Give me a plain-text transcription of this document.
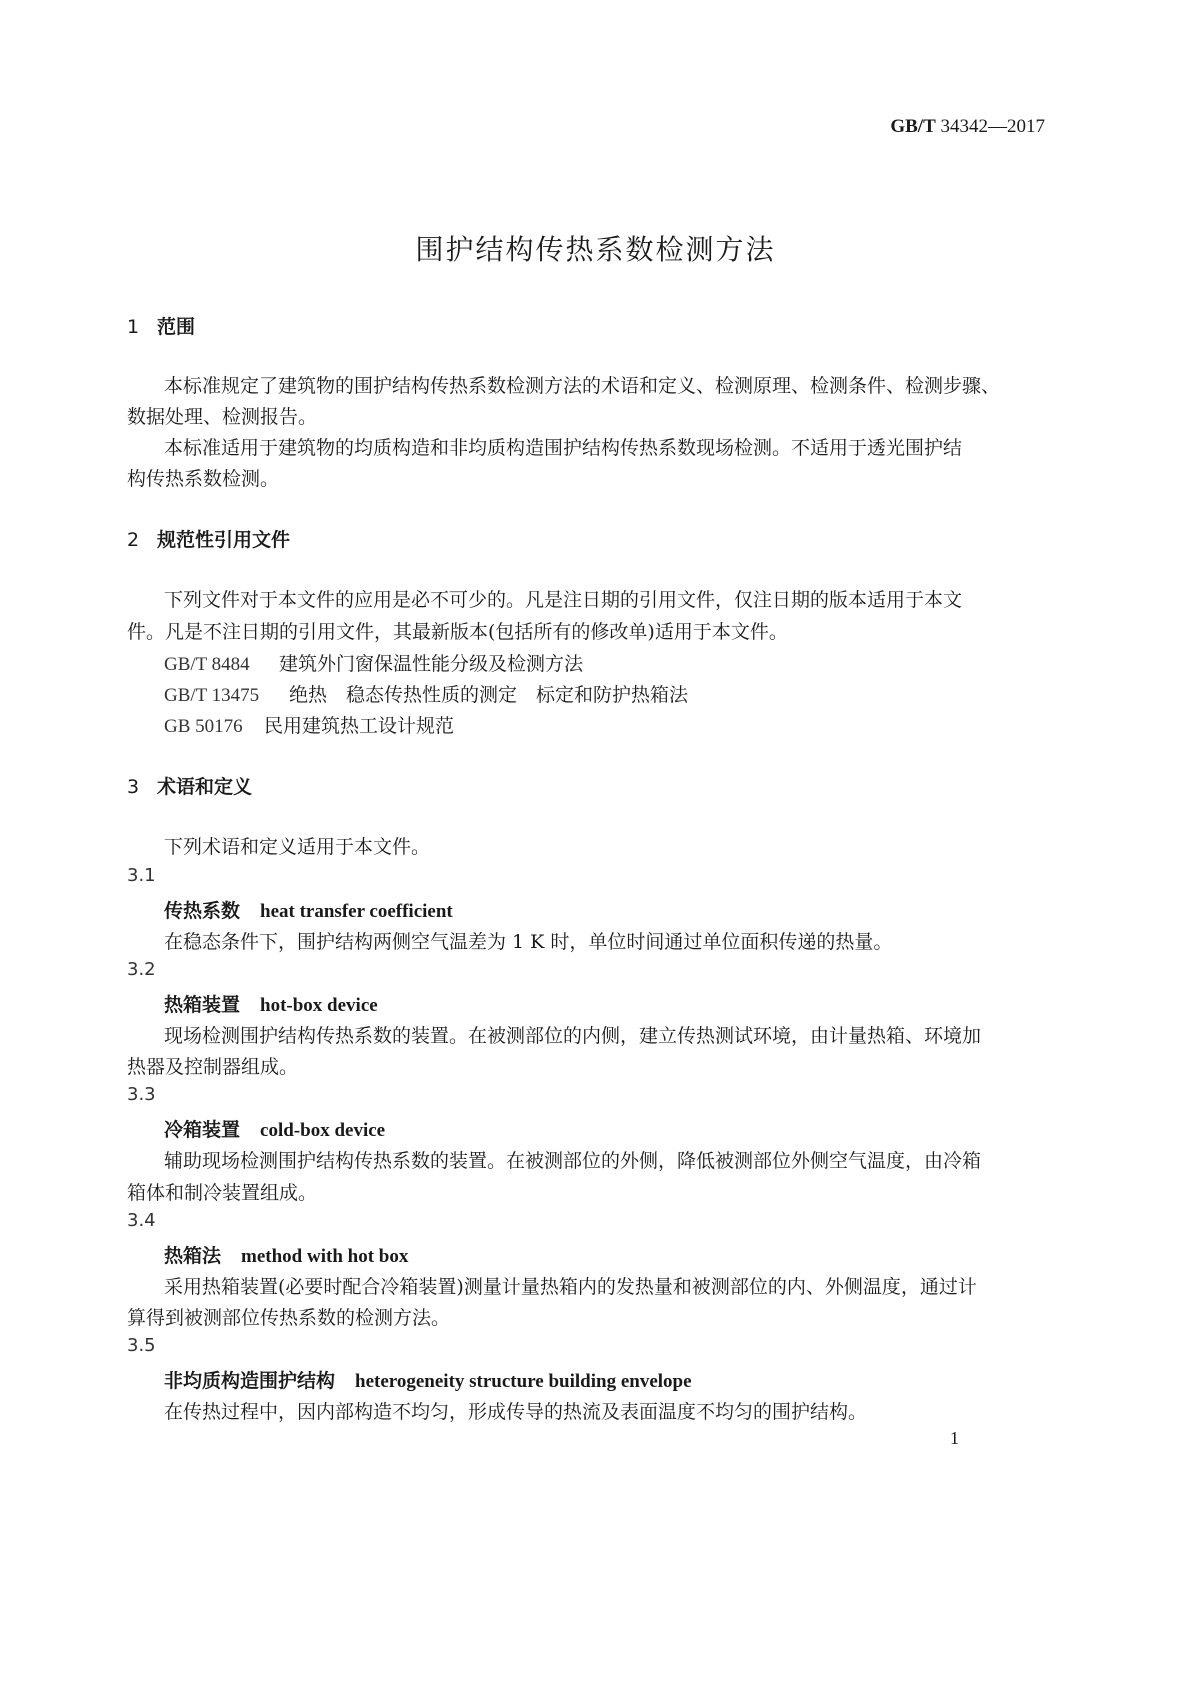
GB/T 34342—2017
围护结构传热系数检测方法
1 范围
本标准规定了建筑物的围护结构传热系数检测方法的术语和定义、检测原理、检测条件、检测步骤、
数据处理、检测报告。
本标准适用于建筑物的均质构造和非均质构造围护结构传热系数现场检测。不适用于透光围护结
构传热系数检测。
2 规范性引用文件
下列文件对于本文件的应用是必不可少的。凡是注日期的引用文件，仅注日期的版本适用于本文
件。凡是不注日期的引用文件，其最新版本(包括所有的修改单)适用于本文件。
GB/T 8484 建筑外门窗保温性能分级及检测方法
GB/T 13475 绝热　稳态传热性质的测定　标定和防护热箱法
GB 50176 民用建筑热工设计规范
3 术语和定义
下列术语和定义适用于本文件。
3.1
传热系数 heat transfer coefficient
在稳态条件下，围护结构两侧空气温差为 1 K 时，单位时间通过单位面积传递的热量。
3.2
热箱装置 hot-box device
现场检测围护结构传热系数的装置。在被测部位的内侧，建立传热测试环境，由计量热箱、环境加
热器及控制器组成。
3.3
冷箱装置 cold-box device
辅助现场检测围护结构传热系数的装置。在被测部位的外侧，降低被测部位外侧空气温度，由冷箱
箱体和制冷装置组成。
3.4
热箱法 method with hot box
采用热箱装置(必要时配合冷箱装置)测量计量热箱内的发热量和被测部位的内、外侧温度，通过计
算得到被测部位传热系数的检测方法。
3.5
非均质构造围护结构 heterogeneity structure building envelope
在传热过程中，因内部构造不均匀，形成传导的热流及表面温度不均匀的围护结构。
1
